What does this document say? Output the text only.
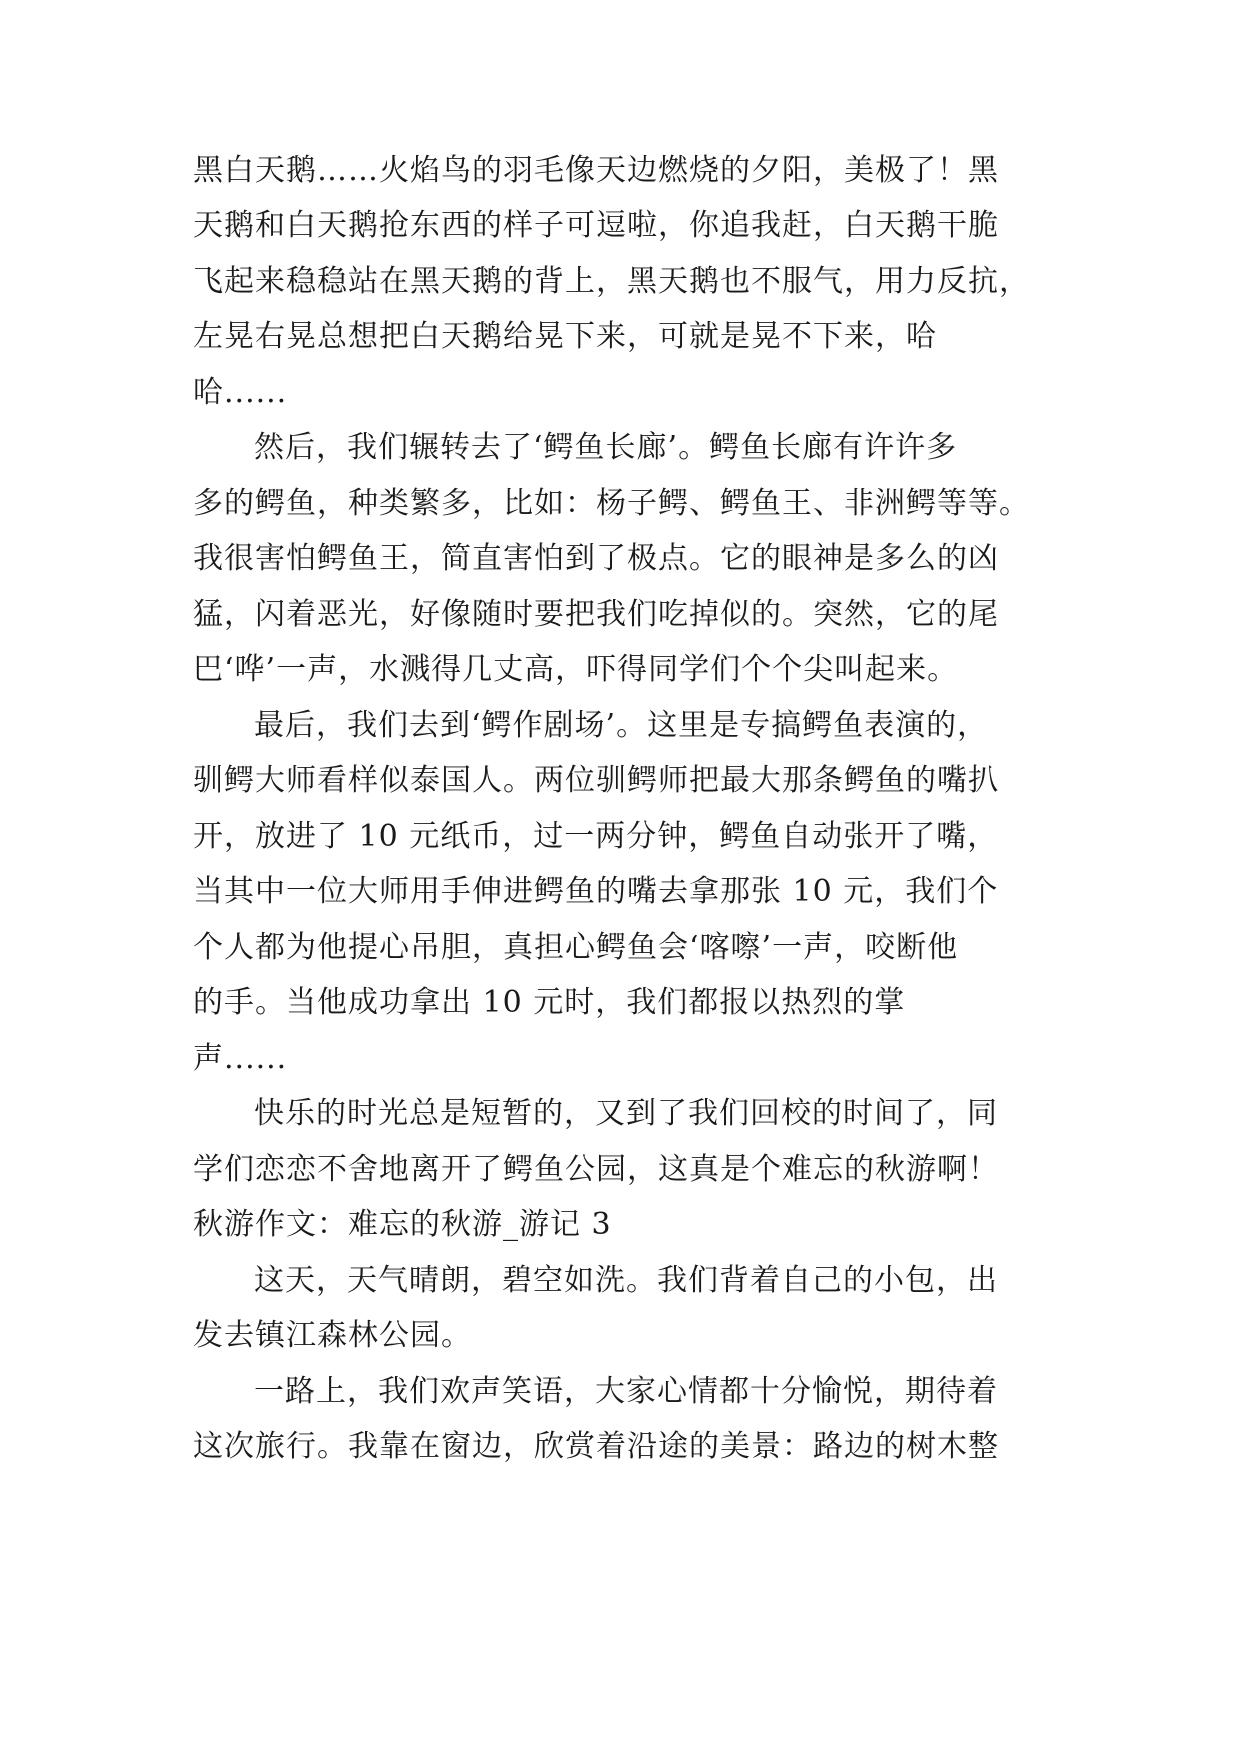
黑白天鹅……火焰鸟的羽毛像天边燃烧的夕阳，美极了！黑
天鹅和白天鹅抢东西的样子可逗啦，你追我赶，白天鹅干脆
飞起来稳稳站在黑天鹅的背上，黑天鹅也不服气，用力反抗，
左晃右晃总想把白天鹅给晃下来，可就是晃不下来，哈
哈......
然后，我们辗转去了‘鳄鱼长廊’。鳄鱼长廊有许许多
多的鳄鱼，种类繁多，比如：杨子鳄、鳄鱼王、非洲鳄等等。
我很害怕鳄鱼王，简直害怕到了极点。它的眼神是多么的凶
猛，闪着恶光，好像随时要把我们吃掉似的。突然，它的尾
巴‘哗’一声，水溅得几丈高，吓得同学们个个尖叫起来。
最后，我们去到‘鳄作剧场’。这里是专搞鳄鱼表演的，
驯鳄大师看样似泰国人。两位驯鳄师把最大那条鳄鱼的嘴扒
开，放进了 10 元纸币，过一两分钟，鳄鱼自动张开了嘴，
当其中一位大师用手伸进鳄鱼的嘴去拿那张 10 元，我们个
个人都为他提心吊胆，真担心鳄鱼会‘喀嚓’一声，咬断他
的手。当他成功拿出 10 元时，我们都报以热烈的掌
声......
快乐的时光总是短暂的，又到了我们回校的时间了，同
学们恋恋不舍地离开了鳄鱼公园，这真是个难忘的秋游啊！
秋游作文：难忘的秋游_游记 3
这天，天气晴朗，碧空如洗。我们背着自己的小包，出
发去镇江森林公园。
一路上，我们欢声笑语，大家心情都十分愉悦，期待着
这次旅行。我靠在窗边，欣赏着沿途的美景：路边的树木整
